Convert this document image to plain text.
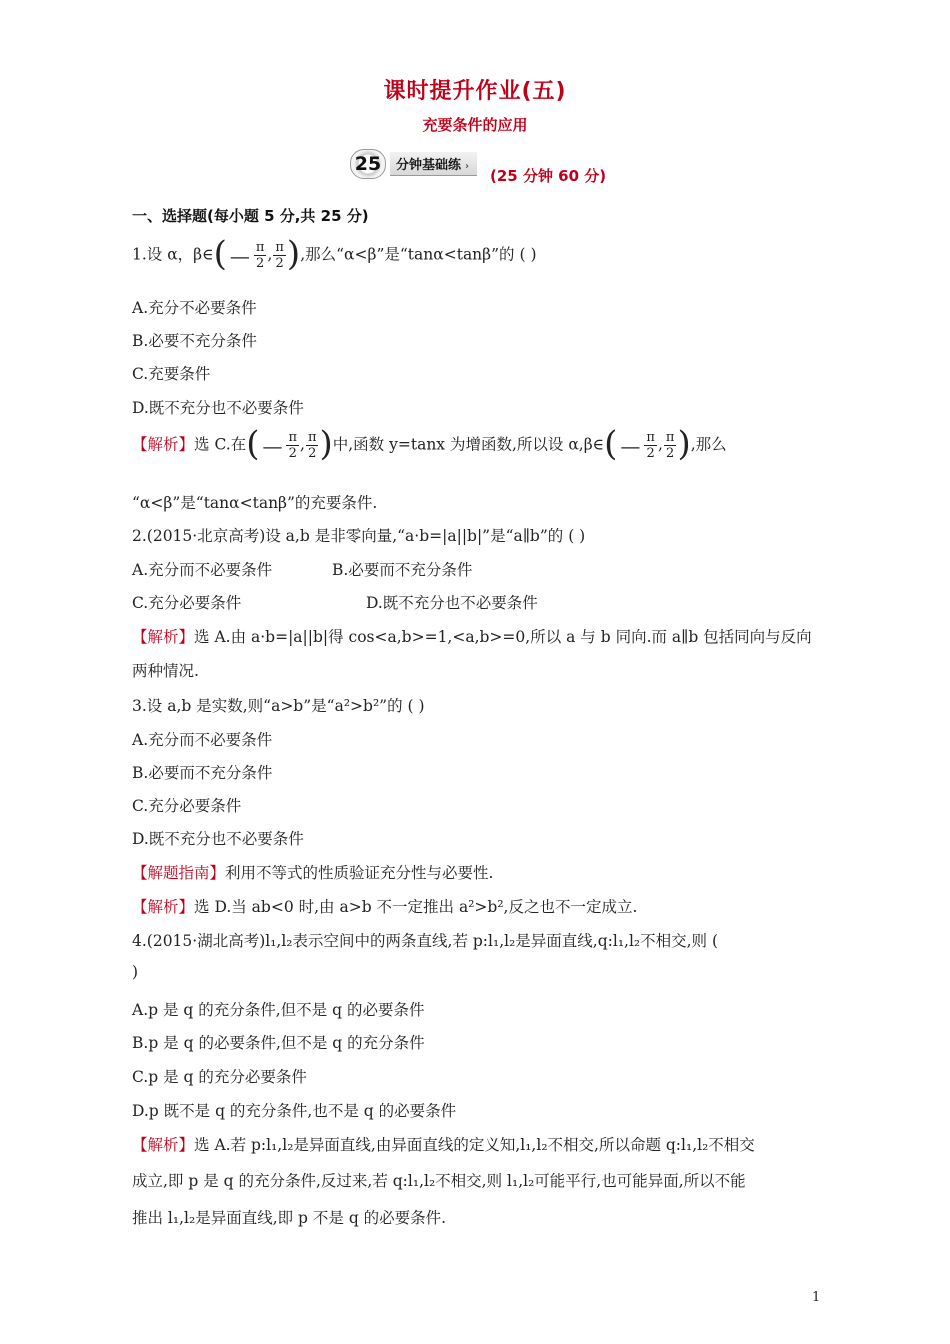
课时提升作业(五)
充要条件的应用
25	分钟基础练 ›
(25 分钟 60 分)
一、选择题(每小题 5 分,共 25 分)
1.设 α，β∈( — $\frac{\pi}{2}$ , $\frac{\pi}{2}$ ),那么“α<β”是“tanα<tanβ”的 ( )
A.充分不必要条件
B.必要不充分条件
C.充要条件
D.既不充分也不必要条件
【解析】选 C.在( — $\frac{\pi}{2}$ , $\frac{\pi}{2}$ )中,函数 y=tanx 为增函数,所以设 α,β∈( — $\frac{\pi}{2}$ , $\frac{\pi}{2}$ ),那么
“α<β”是“tanα<tanβ”的充要条件.
2.(2015·北京高考)设 a,b 是非零向量,“a·b=|a||b|”是“a∥b”的 ( )
A.充分而不必要条件	B.必要而不充分条件
C.充分必要条件	D.既不充分也不必要条件
【解析】选 A.由 a·b=|a||b|得 cos<a,b>=1,<a,b>=0,所以 a 与 b 同向.而 a∥b 包括同向与反向
两种情况.
3.设 a,b 是实数,则“a>b”是“a²>b²”的 ( )
A.充分而不必要条件
B.必要而不充分条件
C.充分必要条件
D.既不充分也不必要条件
【解题指南】利用不等式的性质验证充分性与必要性.
【解析】选 D.当 ab<0 时,由 a>b 不一定推出 a²>b²,反之也不一定成立.
4.(2015·湖北高考)l₁,l₂表示空间中的两条直线,若 p:l₁,l₂是异面直线,q:l₁,l₂不相交,则 (
)
A.p 是 q 的充分条件,但不是 q 的必要条件
B.p 是 q 的必要条件,但不是 q 的充分条件
C.p 是 q 的充分必要条件
D.p 既不是 q 的充分条件,也不是 q 的必要条件
【解析】选 A.若 p:l₁,l₂是异面直线,由异面直线的定义知,l₁,l₂不相交,所以命题 q:l₁,l₂不相交
成立,即 p 是 q 的充分条件,反过来,若 q:l₁,l₂不相交,则 l₁,l₂可能平行,也可能异面,所以不能
推出 l₁,l₂是异面直线,即 p 不是 q 的必要条件.
1
